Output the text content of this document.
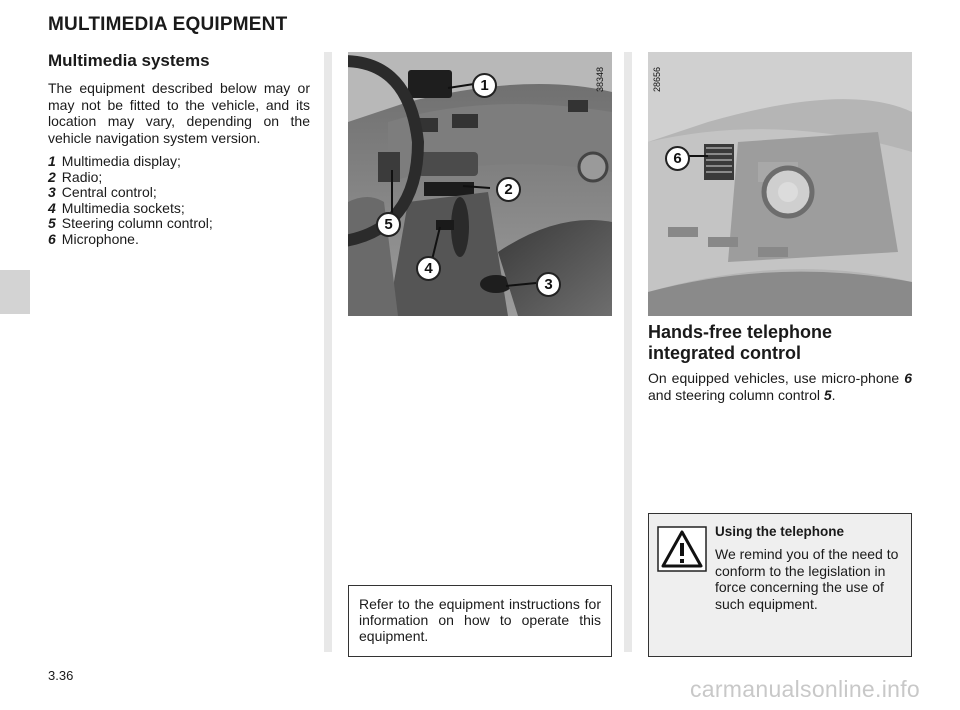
MULTIMEDIA EQUIPMENT
Multimedia systems
The equipment described below may or may not be fitted to the vehicle, and its location may vary, depending on the vehicle navigation system version.
1 Multimedia display;
2 Radio;
3 Central control;
4 Multimedia sockets;
5 Steering column control;
6 Microphone.
1
2
3
4
5
38348
Refer to the equipment instructions for information on how to operate this equipment.
6
28656
Hands-free telephone
integrated control
On equipped vehicles, use micro-phone 6 and steering column control 5.
Using the telephone
We remind you of the need to conform to the legislation in force concerning the use of such equipment.
3.36
carmanualsonline.info
